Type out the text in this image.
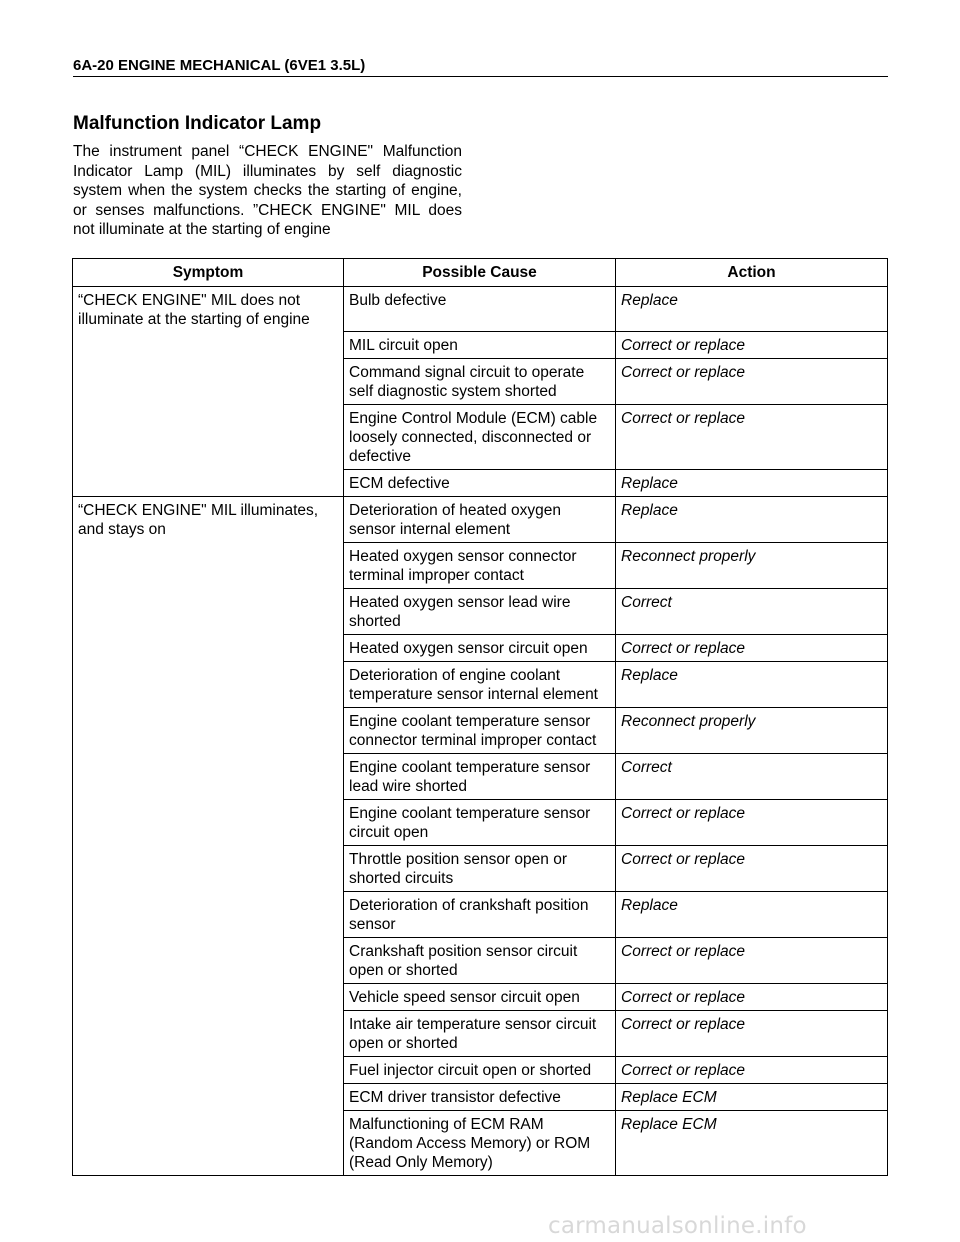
6A-20 ENGINE MECHANICAL (6VE1 3.5L)
Malfunction Indicator Lamp
The instrument panel “CHECK ENGINE" Malfunction Indicator Lamp (MIL) illuminates by self diagnostic system when the system checks the starting of engine, or senses malfunctions. ”CHECK ENGINE" MIL does not illuminate at the starting of engine
Symptom	Possible Cause	Action
“CHECK ENGINE" MIL does not illuminate at the starting of engine	Bulb defective	Replace
	MIL circuit open	Correct or replace
	Command signal circuit to operate self diagnostic system shorted	Correct or replace
	Engine Control Module (ECM) cable loosely connected, disconnected or defective	Correct or replace
	ECM defective	Replace
“CHECK ENGINE" MIL illuminates, and stays on	Deterioration of heated oxygen sensor internal element	Replace
	Heated oxygen sensor connector terminal improper contact	Reconnect properly
	Heated oxygen sensor lead wire shorted	Correct
	Heated oxygen sensor circuit open	Correct or replace
	Deterioration of engine coolant temperature sensor internal element	Replace
	Engine coolant temperature sensor connector terminal improper contact	Reconnect properly
	Engine coolant temperature sensor lead wire shorted	Correct
	Engine coolant temperature sensor circuit open	Correct or replace
	Throttle position sensor open or shorted circuits	Correct or replace
	Deterioration of crankshaft position sensor	Replace
	Crankshaft position sensor circuit open or shorted	Correct or replace
	Vehicle speed sensor circuit open	Correct or replace
	Intake air temperature sensor circuit open or shorted	Correct or replace
	Fuel injector circuit open or shorted	Correct or replace
	ECM driver transistor defective	Replace ECM
	Malfunctioning of ECM RAM (Random Access Memory) or ROM (Read Only Memory)	Replace ECM
carmanualsonline.info
